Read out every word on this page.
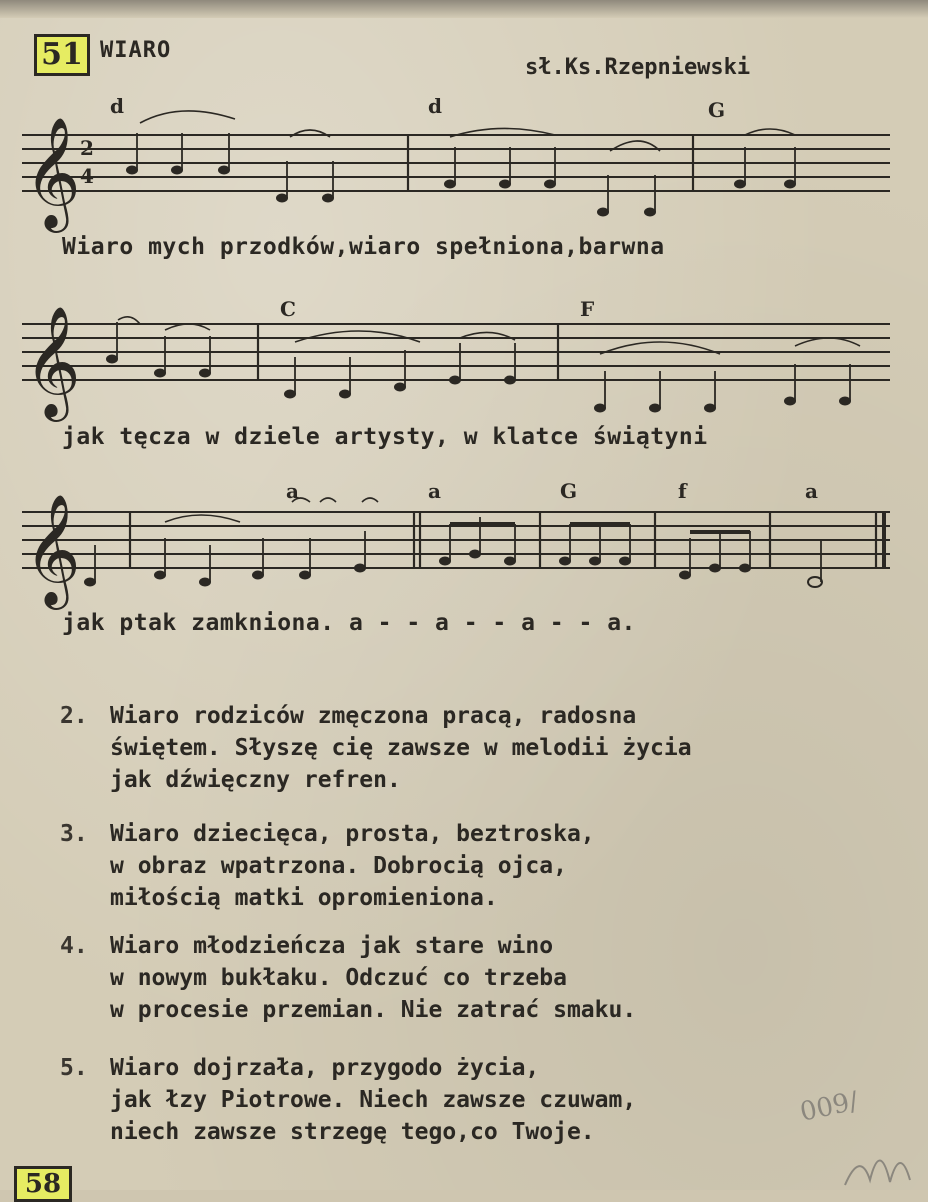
51 WIARO
sł.Ks.Rzepniewski
𝄞 2
4
d	d	G
Wiaro mych przodków,wiaro spełniona,barwna
𝄞	C	F
jak tęcza w dziele artysty, w klatce świątyni
𝄞
a	a	G	f	a
jak ptak zamkniona. a - - a - - a - - a.
2. Wiaro rodziców zmęczona pracą, radosna
świętem. Słyszę cię zawsze w melodii życia
jak dźwięczny refren.
3. Wiaro dziecięca, prosta, beztroska,
w obraz wpatrzona. Dobrocią ojca,
miłością matki opromieniona.
4. Wiaro młodzieńcza jak stare wino
w nowym bukłaku. Odczuć co trzeba
w procesie przemian. Nie zatrać smaku.
5. Wiaro dojrzała, przygodo życia,
jak łzy Piotrowe. Niech zawsze czuwam,
niech zawsze strzegę tego,co Twoje.
009/
58
